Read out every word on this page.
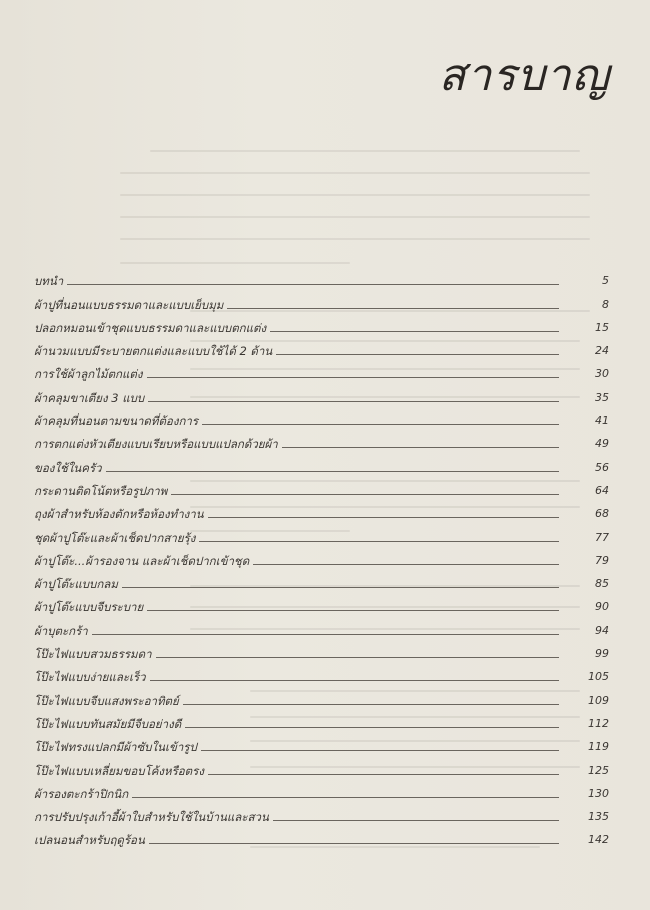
สารบาญ
บทนำ	5
ผ้าปูที่นอนแบบธรรมดาและแบบเย็บมุม	8
ปลอกหมอนเข้าชุดแบบธรรมดาและแบบตกแต่ง	15
ผ้านวมแบบมีระบายตกแต่งและแบบใช้ได้ 2 ด้าน	24
การใช้ผ้าลูกไม้ตกแต่ง	30
ผ้าคลุมขาเตียง 3 แบบ	35
ผ้าคลุมที่นอนตามขนาดที่ต้องการ	41
การตกแต่งหัวเตียงแบบเรียบหรือแบบแปลกด้วยผ้า	49
ของใช้ในครัว	56
กระดานติดโน้ตหรือรูปภาพ	64
ถุงผ้าสำหรับห้องตักหรือห้องทำงาน	68
ชุดผ้าปูโต๊ะและผ้าเช็ดปากสายรุ้ง	77
ผ้าปูโต๊ะ...ผ้ารองจาน และผ้าเช็ดปากเข้าชุด	79
ผ้าปูโต๊ะแบบกลม	85
ผ้าปูโต๊ะแบบจีบระบาย	90
ผ้าบุตะกร้า	94
โป๊ะไฟแบบสวมธรรมดา	99
โป๊ะไฟแบบง่ายและเร็ว	105
โป๊ะไฟแบบจีบแสงพระอาทิตย์	109
โป๊ะไฟแบบทันสมัยมีจีบอย่างดี	112
โป๊ะไฟทรงแปลกมีผ้าซับในเข้ารูป	119
โป๊ะไฟแบบเหลี่ยมขอบโค้งหรือตรง	125
ผ้ารองตะกร้าปิกนิก	130
การปรับปรุงเก้าอี้ผ้าใบสำหรับใช้ในบ้านและสวน	135
เปลนอนสำหรับฤดูร้อน	142
